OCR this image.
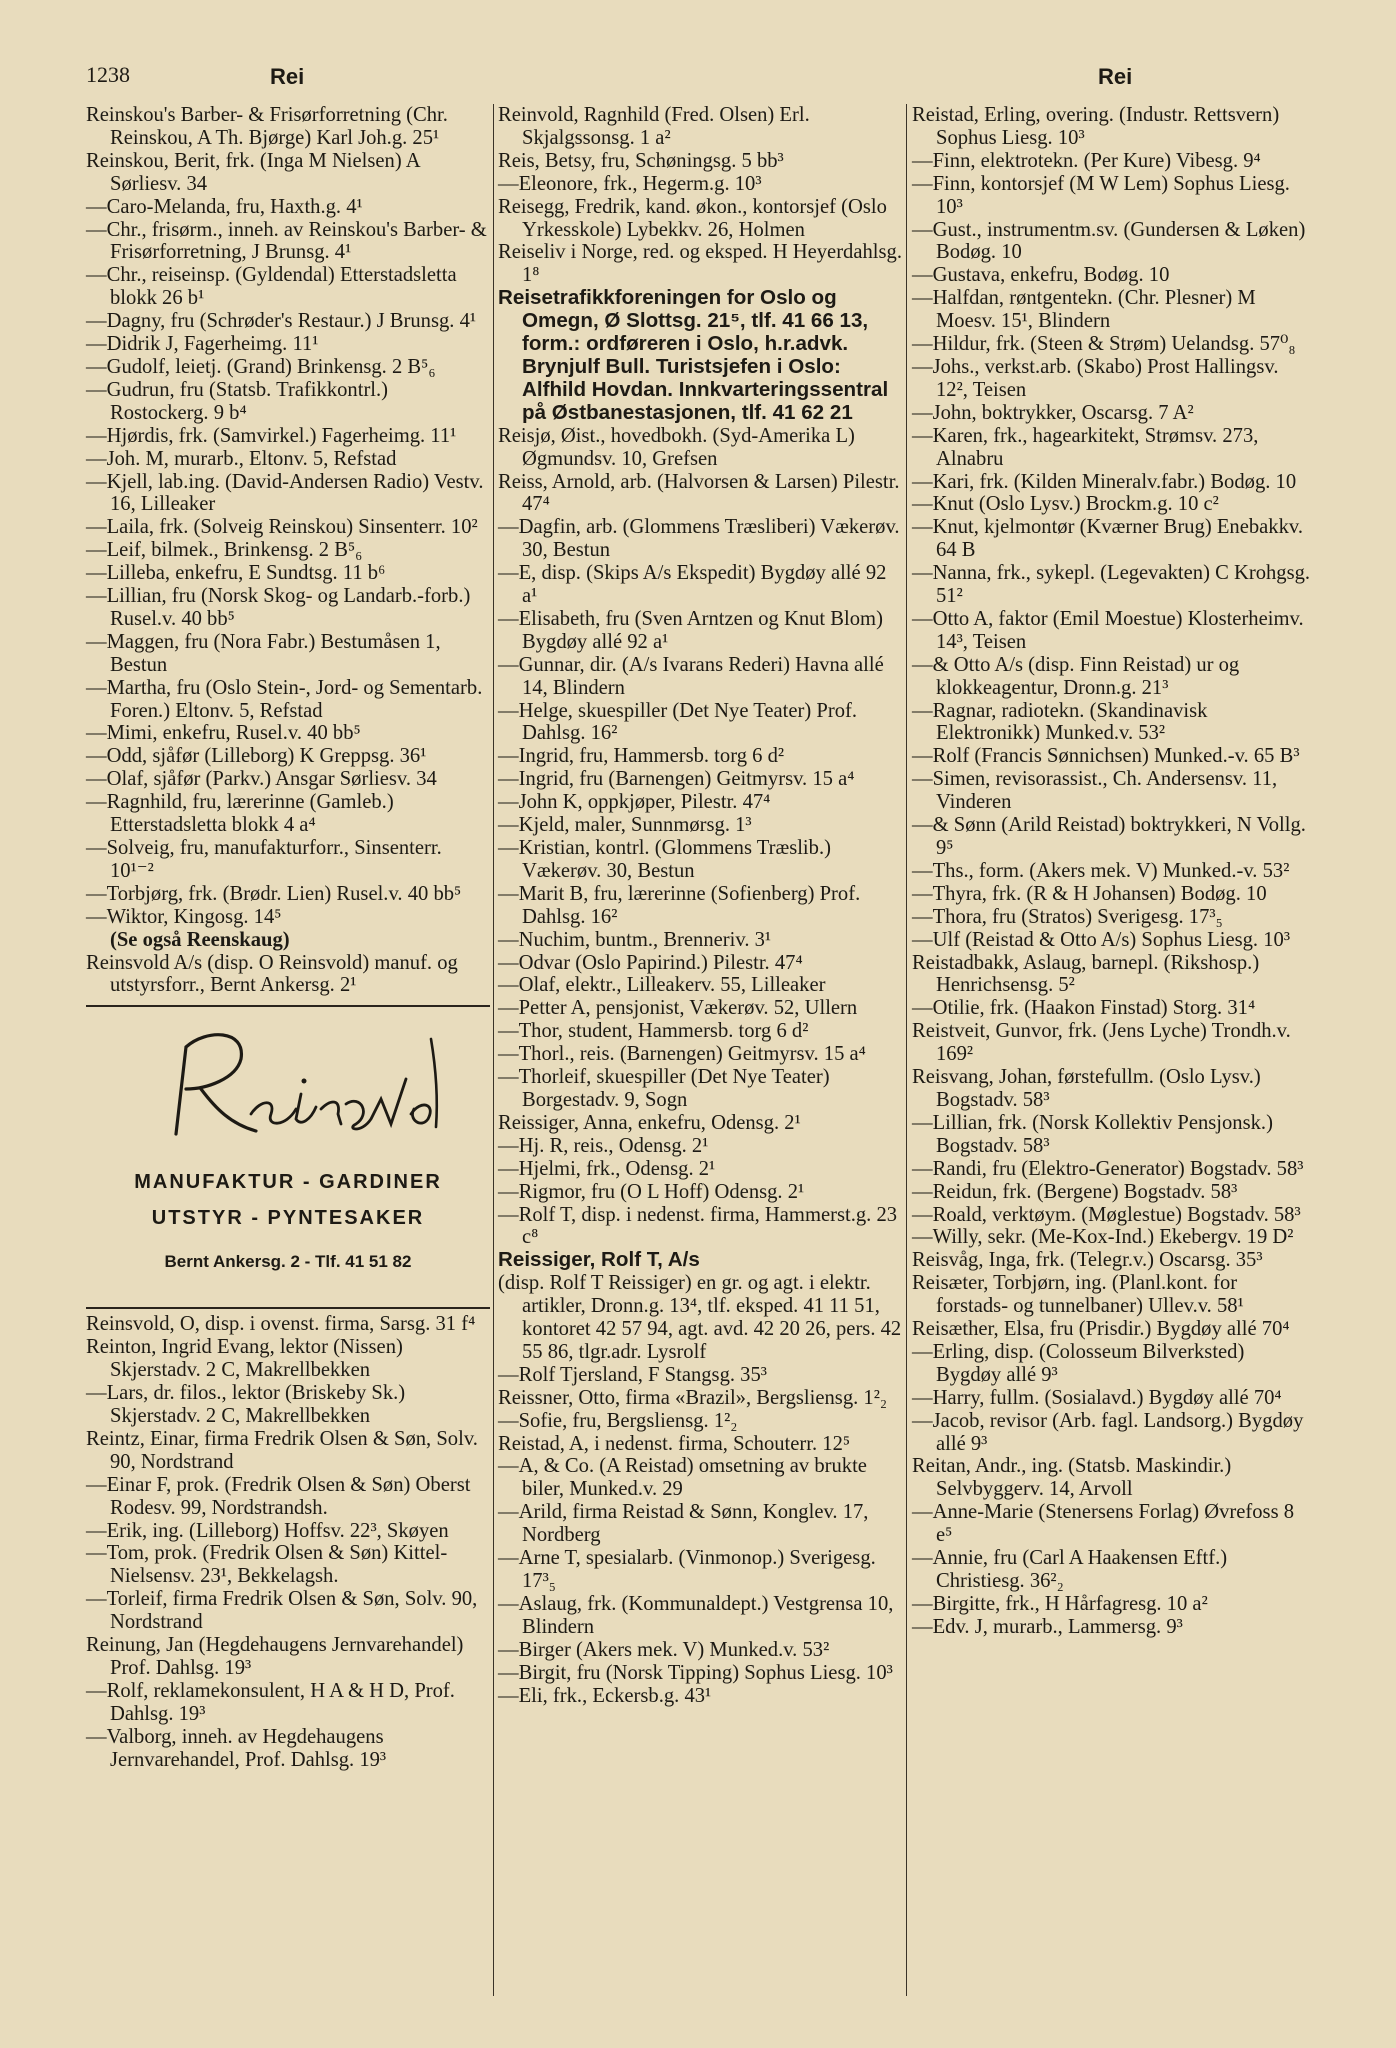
1238	Rei	Rei
Reinskou's Barber- & Frisørforretning (Chr. Reinskou, A Th. Bjørge) Karl Joh.g. 25¹
Reinskou, Berit, frk. (Inga M Nielsen) A Sørliesv. 34
—Caro-Melanda, fru, Haxth.g. 4¹
—Chr., frisørm., inneh. av Reinskou's Barber- & Frisørforretning, J Brunsg. 4¹
—Chr., reiseinsp. (Gyldendal) Etterstadsletta blokk 26 b¹
—Dagny, fru (Schrøder's Restaur.) J Brunsg. 4¹
—Didrik J, Fagerheimg. 11¹
—Gudolf, leietj. (Grand) Brinkensg. 2 B⁵₆
—Gudrun, fru (Statsb. Trafikkontrl.) Rostockerg. 9 b⁴
—Hjørdis, frk. (Samvirkel.) Fagerheimg. 11¹
—Joh. M, murarb., Eltonv. 5, Refstad
—Kjell, lab.ing. (David-Andersen Radio) Vestv. 16, Lilleaker
—Laila, frk. (Solveig Reinskou) Sinsenterr. 10²
—Leif, bilmek., Brinkensg. 2 B⁵₆
—Lilleba, enkefru, E Sundtsg. 11 b⁶
—Lillian, fru (Norsk Skog- og Landarb.-forb.) Rusel.v. 40 bb⁵
—Maggen, fru (Nora Fabr.) Bestumåsen 1, Bestun
—Martha, fru (Oslo Stein-, Jord- og Sementarb. Foren.) Eltonv. 5, Refstad
—Mimi, enkefru, Rusel.v. 40 bb⁵
—Odd, sjåfør (Lilleborg) K Greppsg. 36¹
—Olaf, sjåfør (Parkv.) Ansgar Sørliesv. 34
—Ragnhild, fru, lærerinne (Gamleb.) Etterstadsletta blokk 4 a⁴
—Solveig, fru, manufakturforr., Sinsenterr. 10¹⁻²
—Torbjørg, frk. (Brødr. Lien) Rusel.v. 40 bb⁵
—Wiktor, Kingosg. 14⁵
(Se også Reenskaug)
Reinsvold A/s (disp. O Reinsvold) manuf. og utstyrsforr., Bernt Ankersg. 2¹
MANUFAKTUR - GARDINER
UTSTYR - PYNTESAKER
Bernt Ankersg. 2 - Tlf. 41 51 82
Reinsvold, O, disp. i ovenst. firma, Sarsg. 31 f⁴
Reinton, Ingrid Evang, lektor (Nissen) Skjerstadv. 2 C, Makrellbekken
—Lars, dr. filos., lektor (Briskeby Sk.) Skjerstadv. 2 C, Makrellbekken
Reintz, Einar, firma Fredrik Olsen & Søn, Solv. 90, Nordstrand
—Einar F, prok. (Fredrik Olsen & Søn) Oberst Rodesv. 99, Nordstrandsh.
—Erik, ing. (Lilleborg) Hoffsv. 22³, Skøyen
—Tom, prok. (Fredrik Olsen & Søn) Kittel-Nielsensv. 23¹, Bekkelagsh.
—Torleif, firma Fredrik Olsen & Søn, Solv. 90, Nordstrand
Reinung, Jan (Hegdehaugens Jernvarehandel) Prof. Dahlsg. 19³
—Rolf, reklamekonsulent, H A & H D, Prof. Dahlsg. 19³
—Valborg, inneh. av Hegdehaugens Jernvarehandel, Prof. Dahlsg. 19³
Reinvold, Ragnhild (Fred. Olsen) Erl. Skjalgssonsg. 1 a²
Reis, Betsy, fru, Schøningsg. 5 bb³
—Eleonore, frk., Hegerm.g. 10³
Reisegg, Fredrik, kand. økon., kontorsjef (Oslo Yrkesskole) Lybekkv. 26, Holmen
Reiseliv i Norge, red. og eksped. H Heyerdahlsg. 1⁸
Reisetrafikkforeningen for Oslo og Omegn, Ø Slottsg. 21⁵, tlf. 41 66 13, form.: ordføreren i Oslo, h.r.advk. Brynjulf Bull. Turistsjefen i Oslo: Alfhild Hovdan. Innkvarteringssentral på Østbanestasjonen, tlf. 41 62 21
Reisjø, Øist., hovedbokh. (Syd-Amerika L) Øgmundsv. 10, Grefsen
Reiss, Arnold, arb. (Halvorsen & Larsen) Pilestr. 47⁴
—Dagfin, arb. (Glommens Træsliberi) Vækerøv. 30, Bestun
—E, disp. (Skips A/s Ekspedit) Bygdøy allé 92 a¹
—Elisabeth, fru (Sven Arntzen og Knut Blom) Bygdøy allé 92 a¹
—Gunnar, dir. (A/s Ivarans Rederi) Havna allé 14, Blindern
—Helge, skuespiller (Det Nye Teater) Prof. Dahlsg. 16²
—Ingrid, fru, Hammersb. torg 6 d²
—Ingrid, fru (Barnengen) Geitmyrsv. 15 a⁴
—John K, oppkjøper, Pilestr. 47⁴
—Kjeld, maler, Sunnmørsg. 1³
—Kristian, kontrl. (Glommens Træslib.) Vækerøv. 30, Bestun
—Marit B, fru, lærerinne (Sofienberg) Prof. Dahlsg. 16²
—Nuchim, buntm., Brenneriv. 3¹
—Odvar (Oslo Papirind.) Pilestr. 47⁴
—Olaf, elektr., Lilleakerv. 55, Lilleaker
—Petter A, pensjonist, Vækerøv. 52, Ullern
—Thor, student, Hammersb. torg 6 d²
—Thorl., reis. (Barnengen) Geitmyrsv. 15 a⁴
—Thorleif, skuespiller (Det Nye Teater) Borgestadv. 9, Sogn
Reissiger, Anna, enkefru, Odensg. 2¹
—Hj. R, reis., Odensg. 2¹
—Hjelmi, frk., Odensg. 2¹
—Rigmor, fru (O L Hoff) Odensg. 2¹
—Rolf T, disp. i nedenst. firma, Hammerst.g. 23 c⁸
Reissiger, Rolf T, A/s
(disp. Rolf T Reissiger) en gr. og agt. i elektr. artikler, Dronn.g. 13⁴, tlf. eksped. 41 11 51, kontoret 42 57 94, agt. avd. 42 20 26, pers. 42 55 86, tlgr.adr. Lysrolf
—Rolf Tjersland, F Stangsg. 35³
Reissner, Otto, firma «Brazil», Bergsliensg. 1²₂
—Sofie, fru, Bergsliensg. 1²₂
Reistad, A, i nedenst. firma, Schouterr. 12⁵
—A, & Co. (A Reistad) omsetning av brukte biler, Munked.v. 29
—Arild, firma Reistad & Sønn, Konglev. 17, Nordberg
—Arne T, spesialarb. (Vinmonop.) Sverigesg. 17³₅
—Aslaug, frk. (Kommunaldept.) Vestgrensa 10, Blindern
—Birger (Akers mek. V) Munked.v. 53²
—Birgit, fru (Norsk Tipping) Sophus Liesg. 10³
—Eli, frk., Eckersb.g. 43¹
Reistad, Erling, overing. (Industr. Rettsvern) Sophus Liesg. 10³
—Finn, elektrotekn. (Per Kure) Vibesg. 9⁴
—Finn, kontorsjef (M W Lem) Sophus Liesg. 10³
—Gust., instrumentm.sv. (Gundersen & Løken) Bodøg. 10
—Gustava, enkefru, Bodøg. 10
—Halfdan, røntgentekn. (Chr. Plesner) M Moesv. 15¹, Blindern
—Hildur, frk. (Steen & Strøm) Uelandsg. 57⁰₈
—Johs., verkst.arb. (Skabo) Prost Hallingsv. 12², Teisen
—John, boktrykker, Oscarsg. 7 A²
—Karen, frk., hagearkitekt, Strømsv. 273, Alnabru
—Kari, frk. (Kilden Mineralv.fabr.) Bodøg. 10
—Knut (Oslo Lysv.) Brockm.g. 10 c²
—Knut, kjelmontør (Kværner Brug) Enebakkv. 64 B
—Nanna, frk., sykepl. (Legevakten) C Krohgsg. 51²
—Otto A, faktor (Emil Moestue) Klosterheimv. 14³, Teisen
—& Otto A/s (disp. Finn Reistad) ur og klokkeagentur, Dronn.g. 21³
—Ragnar, radiotekn. (Skandinavisk Elektronikk) Munked.v. 53²
—Rolf (Francis Sønnichsen) Munked.-v. 65 B³
—Simen, revisorassist., Ch. Andersensv. 11, Vinderen
—& Sønn (Arild Reistad) boktrykkeri, N Vollg. 9⁵
—Ths., form. (Akers mek. V) Munked.-v. 53²
—Thyra, frk. (R & H Johansen) Bodøg. 10
—Thora, fru (Stratos) Sverigesg. 17³₅
—Ulf (Reistad & Otto A/s) Sophus Liesg. 10³
Reistadbakk, Aslaug, barnepl. (Rikshosp.) Henrichsensg. 5²
—Otilie, frk. (Haakon Finstad) Storg. 31⁴
Reistveit, Gunvor, frk. (Jens Lyche) Trondh.v. 169²
Reisvang, Johan, førstefullm. (Oslo Lysv.) Bogstadv. 58³
—Lillian, frk. (Norsk Kollektiv Pensjonsk.) Bogstadv. 58³
—Randi, fru (Elektro-Generator) Bogstadv. 58³
—Reidun, frk. (Bergene) Bogstadv. 58³
—Roald, verktøym. (Møglestue) Bogstadv. 58³
—Willy, sekr. (Me-Kox-Ind.) Ekebergv. 19 D²
Reisvåg, Inga, frk. (Telegr.v.) Oscarsg. 35³
Reisæter, Torbjørn, ing. (Planl.kont. for forstads- og tunnelbaner) Ullev.v. 58¹
Reisæther, Elsa, fru (Prisdir.) Bygdøy allé 70⁴
—Erling, disp. (Colosseum Bilverksted) Bygdøy allé 9³
—Harry, fullm. (Sosialavd.) Bygdøy allé 70⁴
—Jacob, revisor (Arb. fagl. Landsorg.) Bygdøy allé 9³
Reitan, Andr., ing. (Statsb. Maskindir.) Selvbyggerv. 14, Arvoll
—Anne-Marie (Stenersens Forlag) Øvrefoss 8 e⁵
—Annie, fru (Carl A Haakensen Eftf.) Christiesg. 36²₂
—Birgitte, frk., H Hårfagresg. 10 a²
—Edv. J, murarb., Lammersg. 9³
